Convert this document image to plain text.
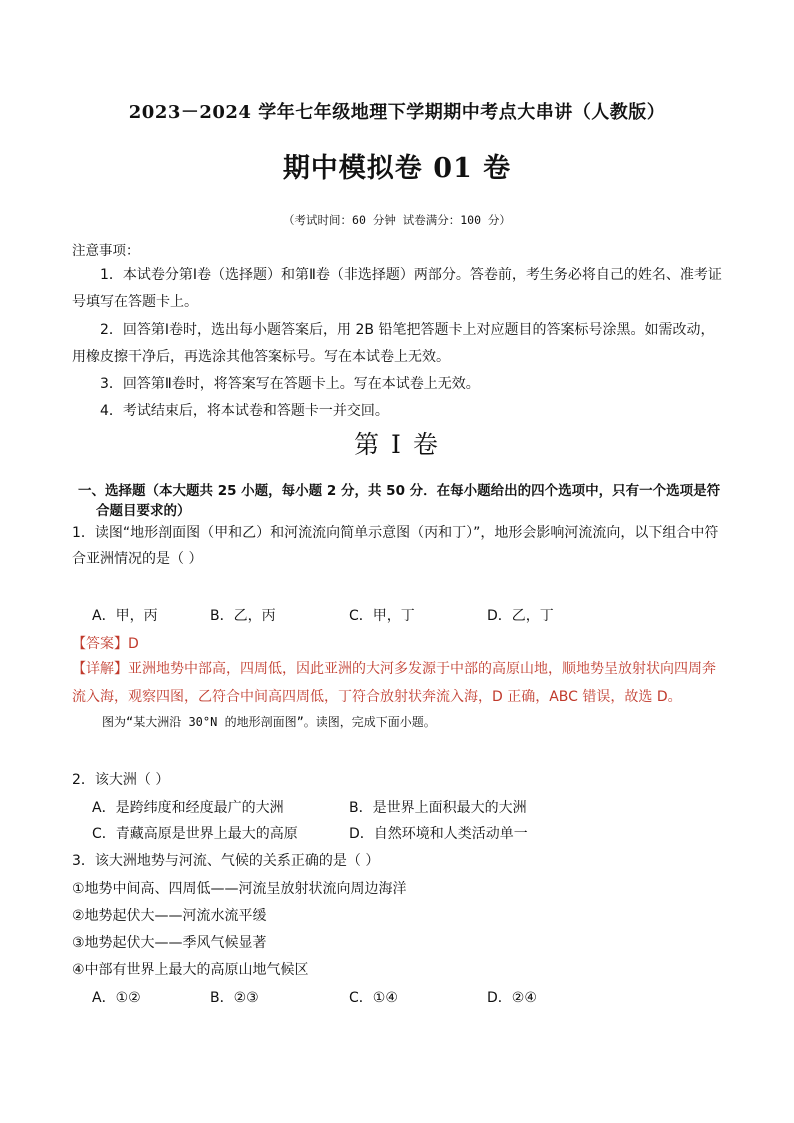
2023－2024 学年七年级地理下学期期中考点大串讲（人教版）
期中模拟卷 01 卷
（考试时间：60 分钟 试卷满分：100 分）
注意事项：
1．本试卷分第Ⅰ卷（选择题）和第Ⅱ卷（非选择题）两部分。答卷前，考生务必将自己的姓名、准考证号填写在答题卡上。
2．回答第Ⅰ卷时，选出每小题答案后，用 2B 铅笔把答题卡上对应题目的答案标号涂黑。如需改动，用橡皮擦干净后，再选涂其他答案标号。写在本试卷上无效。
3．回答第Ⅱ卷时，将答案写在答题卡上。写在本试卷上无效。
4．考试结束后，将本试卷和答题卡一并交回。
第 I 卷
一、选择题（本大题共 25 小题，每小题 2 分，共 50 分．在每小题给出的四个选项中，只有一个选项是符
合题目要求的）
1．读图“地形剖面图（甲和乙）和河流流向简单示意图（丙和丁）”，地形会影响河流流向，以下组合中符合亚洲情况的是（ ）
A．甲，丙	B．乙，丙	C．甲，丁	D．乙，丁
【答案】D
【详解】亚洲地势中部高，四周低，因此亚洲的大河多发源于中部的高原山地，顺地势呈放射状向四周奔流入海，观察四图，乙符合中间高四周低，丁符合放射状奔流入海，D 正确，ABC 错误，故选 D。
图为“某大洲沿 30°N 的地形剖面图”。读图，完成下面小题。
2．该大洲（ ）
A．是跨纬度和经度最广的大洲	B．是世界上面积最大的大洲
C．青藏高原是世界上最大的高原	D．自然环境和人类活动单一
3．该大洲地势与河流、气候的关系正确的是（ ）
①地势中间高、四周低——河流呈放射状流向周边海洋
②地势起伏大——河流水流平缓
③地势起伏大——季风气候显著
④中部有世界上最大的高原山地气候区
A．①②	B．②③	C．①④	D．②④
